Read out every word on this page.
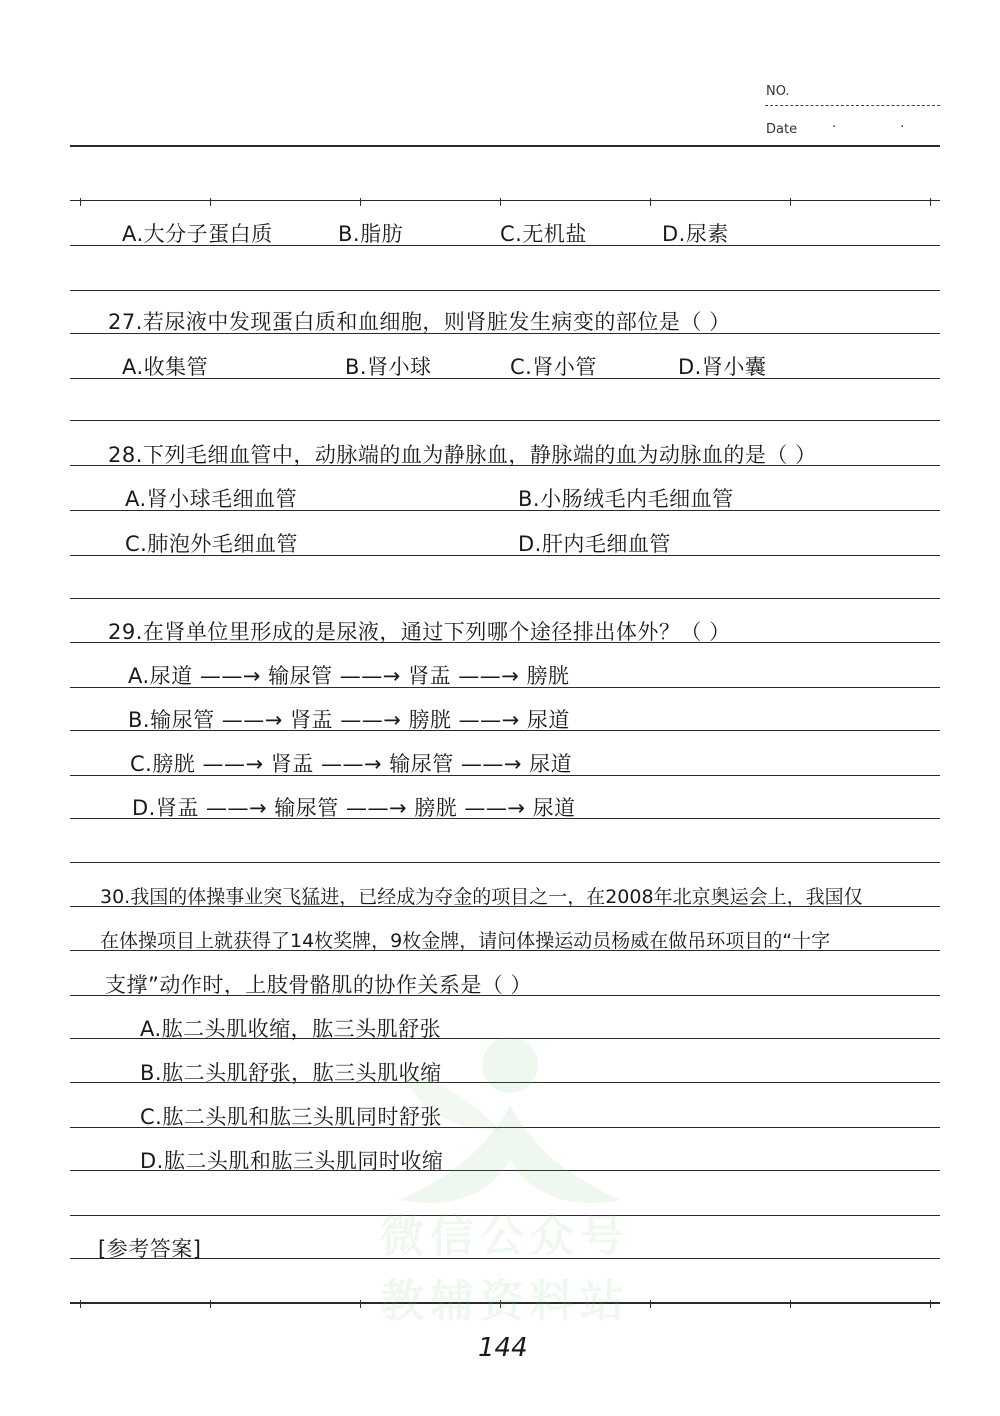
NO.
Date	· ·
微信公众号
教辅资料站
A.大分子蛋白质	B.脂肪	C.无机盐	D.尿素
27.若尿液中发现蛋白质和血细胞，则肾脏发生病变的部位是（ ）
A.收集管	B.肾小球	C.肾小管	D.肾小囊
28.下列毛细血管中，动脉端的血为静脉血，静脉端的血为动脉血的是（ ）
A.肾小球毛细血管	B.小肠绒毛内毛细血管
C.肺泡外毛细血管	D.肝内毛细血管
29.在肾单位里形成的是尿液，通过下列哪个途径排出体外？（ ）
A.尿道 ——→ 输尿管 ——→ 肾盂 ——→ 膀胱
B.输尿管 ——→ 肾盂 ——→ 膀胱 ——→ 尿道
C.膀胱 ——→ 肾盂 ——→ 输尿管 ——→ 尿道
D.肾盂 ——→ 输尿管 ——→ 膀胱 ——→ 尿道
30.我国的体操事业突飞猛进，已经成为夺金的项目之一，在2008年北京奥运会上，我国仅
在体操项目上就获得了14枚奖牌，9枚金牌，请问体操运动员杨威在做吊环项目的“十字
支撑”动作时，上肢骨骼肌的协作关系是（ ）
A.肱二头肌收缩，肱三头肌舒张
B.肱二头肌舒张，肱三头肌收缩
C.肱二头肌和肱三头肌同时舒张
D.肱二头肌和肱三头肌同时收缩
[参考答案]
144
